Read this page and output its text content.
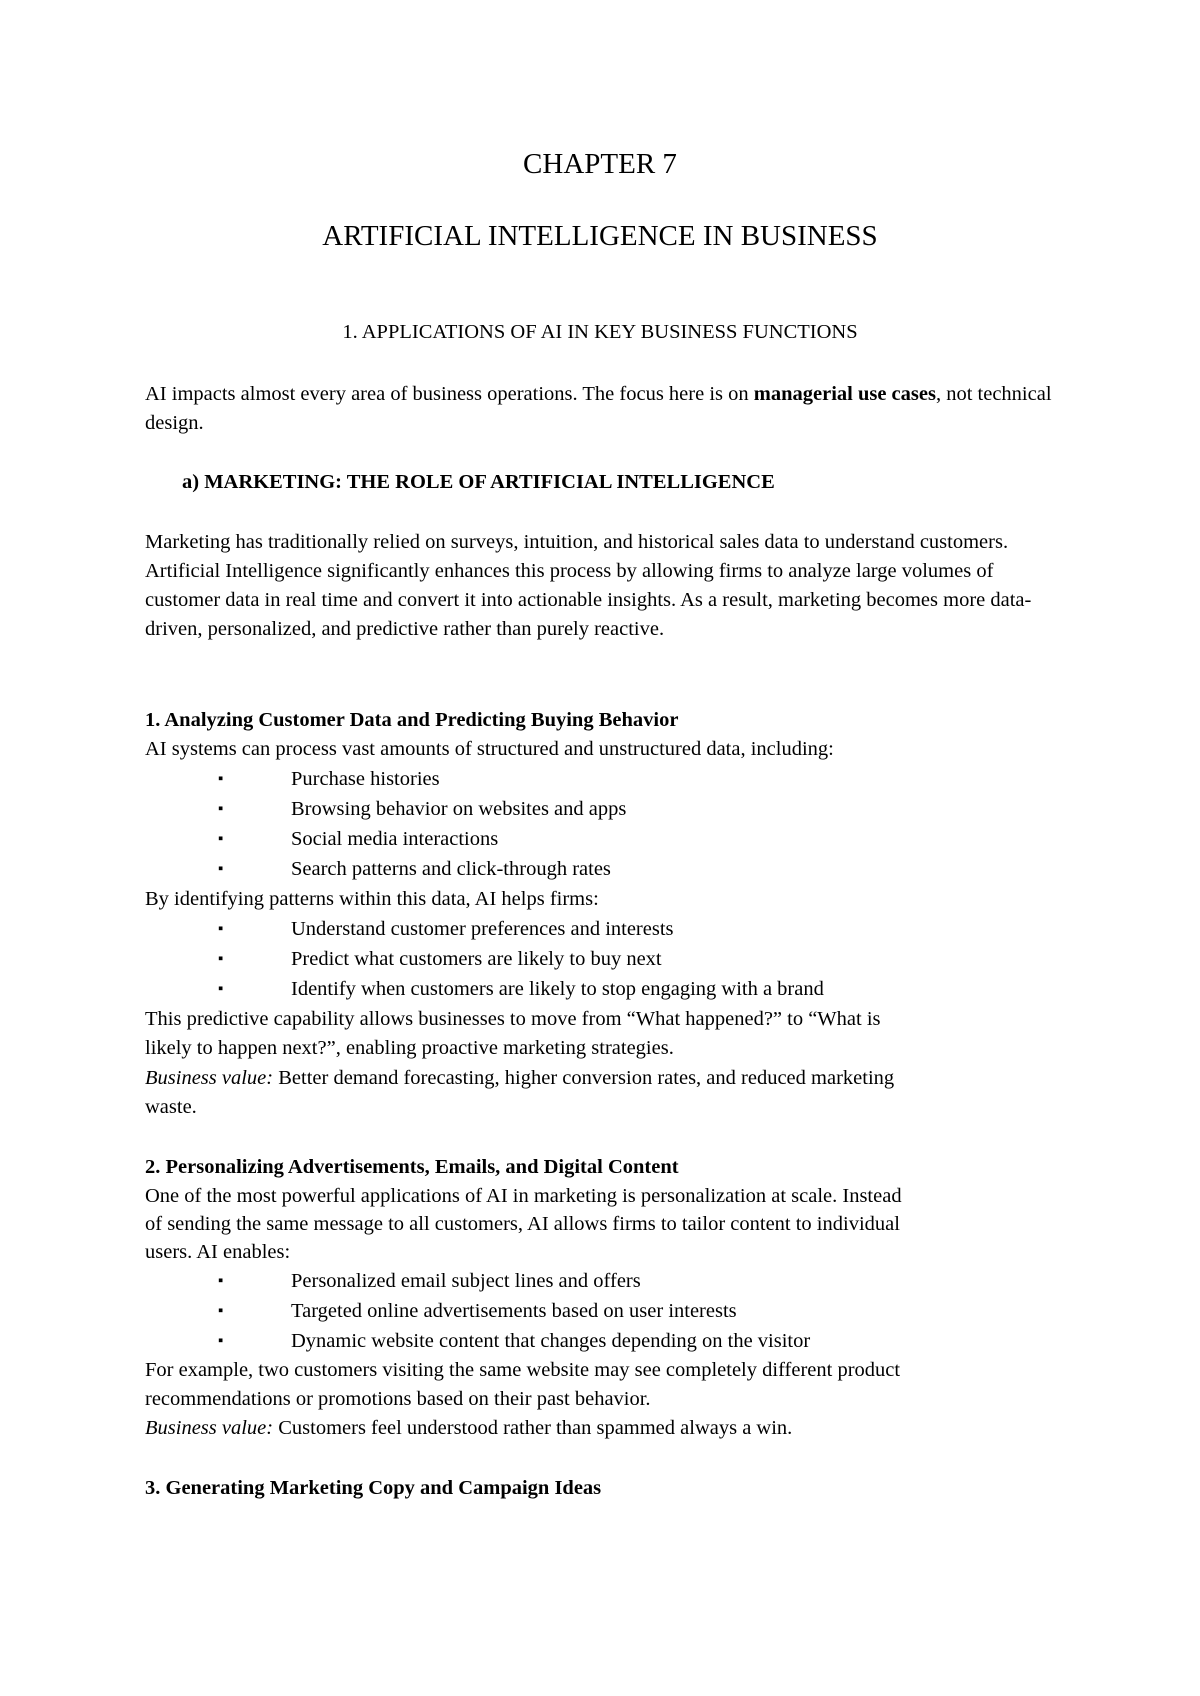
CHAPTER 7
ARTIFICIAL INTELLIGENCE IN BUSINESS
1. APPLICATIONS OF AI IN KEY BUSINESS FUNCTIONS

AI impacts almost every area of business operations. The focus here is on managerial use cases, not technical design.

a) MARKETING: THE ROLE OF ARTIFICIAL INTELLIGENCE

Marketing has traditionally relied on surveys, intuition, and historical sales data to understand customers. Artificial Intelligence significantly enhances this process by allowing firms to analyze large volumes of customer data in real time and convert it into actionable insights. As a result, marketing becomes more data-driven, personalized, and predictive rather than purely reactive.

1. Analyzing Customer Data and Predicting Buying Behavior
AI systems can process vast amounts of structured and unstructured data, including:
▪	Purchase histories
▪	Browsing behavior on websites and apps
▪	Social media interactions
▪	Search patterns and click-through rates
By identifying patterns within this data, AI helps firms:
▪	Understand customer preferences and interests
▪	Predict what customers are likely to buy next
▪	Identify when customers are likely to stop engaging with a brand
This predictive capability allows businesses to move from “What happened?” to “What is
likely to happen next?”, enabling proactive marketing strategies.
Business value: Better demand forecasting, higher conversion rates, and reduced marketing
waste.
2. Personalizing Advertisements, Emails, and Digital Content
One of the most powerful applications of AI in marketing is personalization at scale. Instead
of sending the same message to all customers, AI allows firms to tailor content to individual
users. AI enables:
▪	Personalized email subject lines and offers
▪	Targeted online advertisements based on user interests
▪	Dynamic website content that changes depending on the visitor
For example, two customers visiting the same website may see completely different product
recommendations or promotions based on their past behavior.
Business value: Customers feel understood rather than spammed always a win.
3. Generating Marketing Copy and Campaign Ideas
